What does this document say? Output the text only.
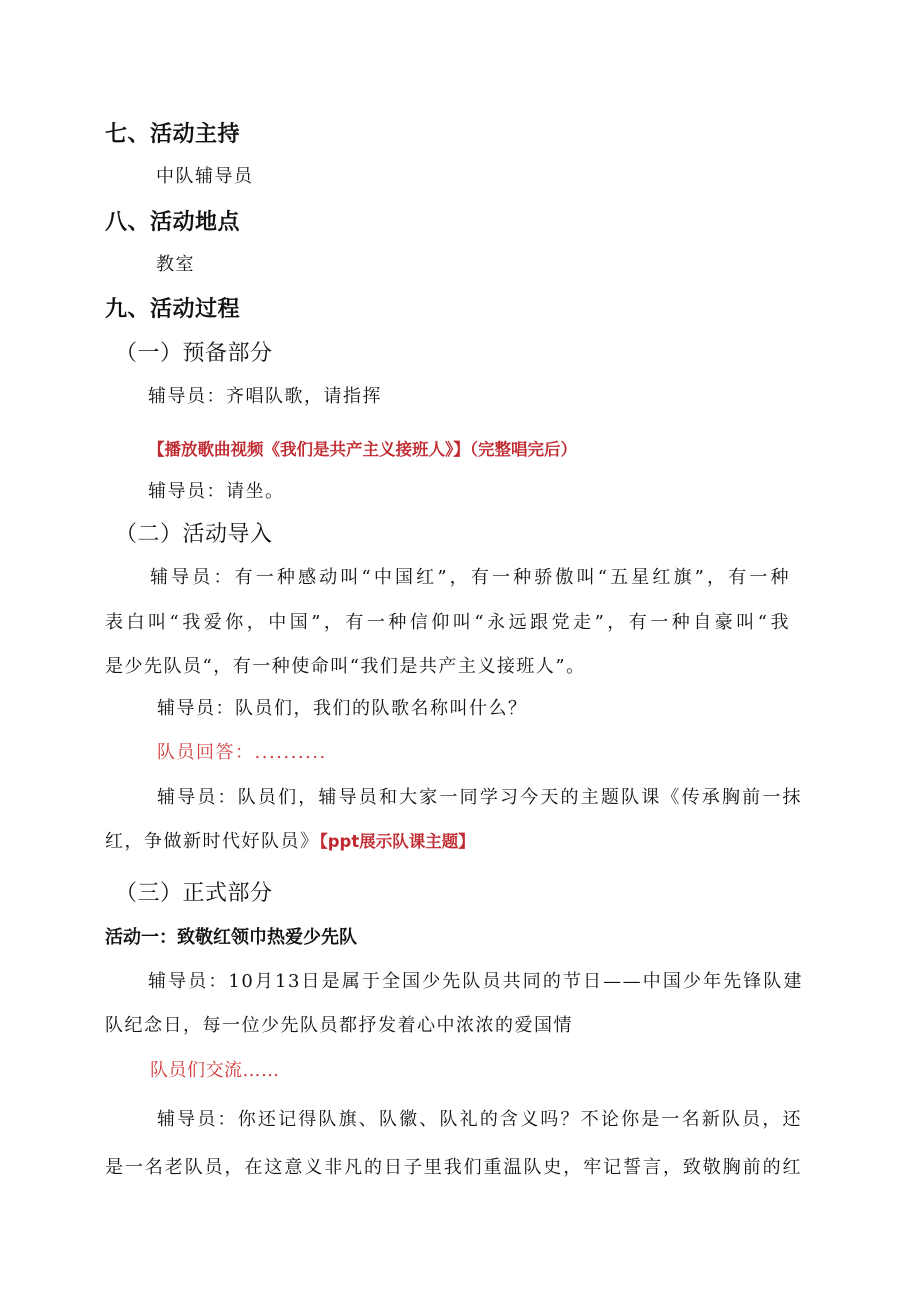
七、活动主持
中队辅导员
八、活动地点
教室
九、活动过程
（一）预备部分
辅导员：齐唱队歌，请指挥
【播放歌曲视频《我们是共产主义接班人》】（完整唱完后）
辅导员：请坐。
（二）活动导入
辅导员：有一种感动叫“中国红”，有一种骄傲叫“五星红旗”，有一种
表白叫“我爱你，中国”，有一种信仰叫“永远跟党走”，有一种自豪叫“我
是少先队员“，有一种使命叫“我们是共产主义接班人”。
辅导员：队员们，我们的队歌名称叫什么？
队员回答：..........
辅导员：队员们，辅导员和大家一同学习今天的主题队课《传承胸前一抹
红，争做新时代好队员》【ppt展示队课主题】
（三）正式部分
活动一：致敬红领巾热爱少先队
辅导员：10月13日是属于全国少先队员共同的节日——中国少年先锋队建
队纪念日，每一位少先队员都抒发着心中浓浓的爱国情
队员们交流……
辅导员：你还记得队旗、队徽、队礼的含义吗？不论你是一名新队员，还
是一名老队员，在这意义非凡的日子里我们重温队史，牢记誓言，致敬胸前的红
